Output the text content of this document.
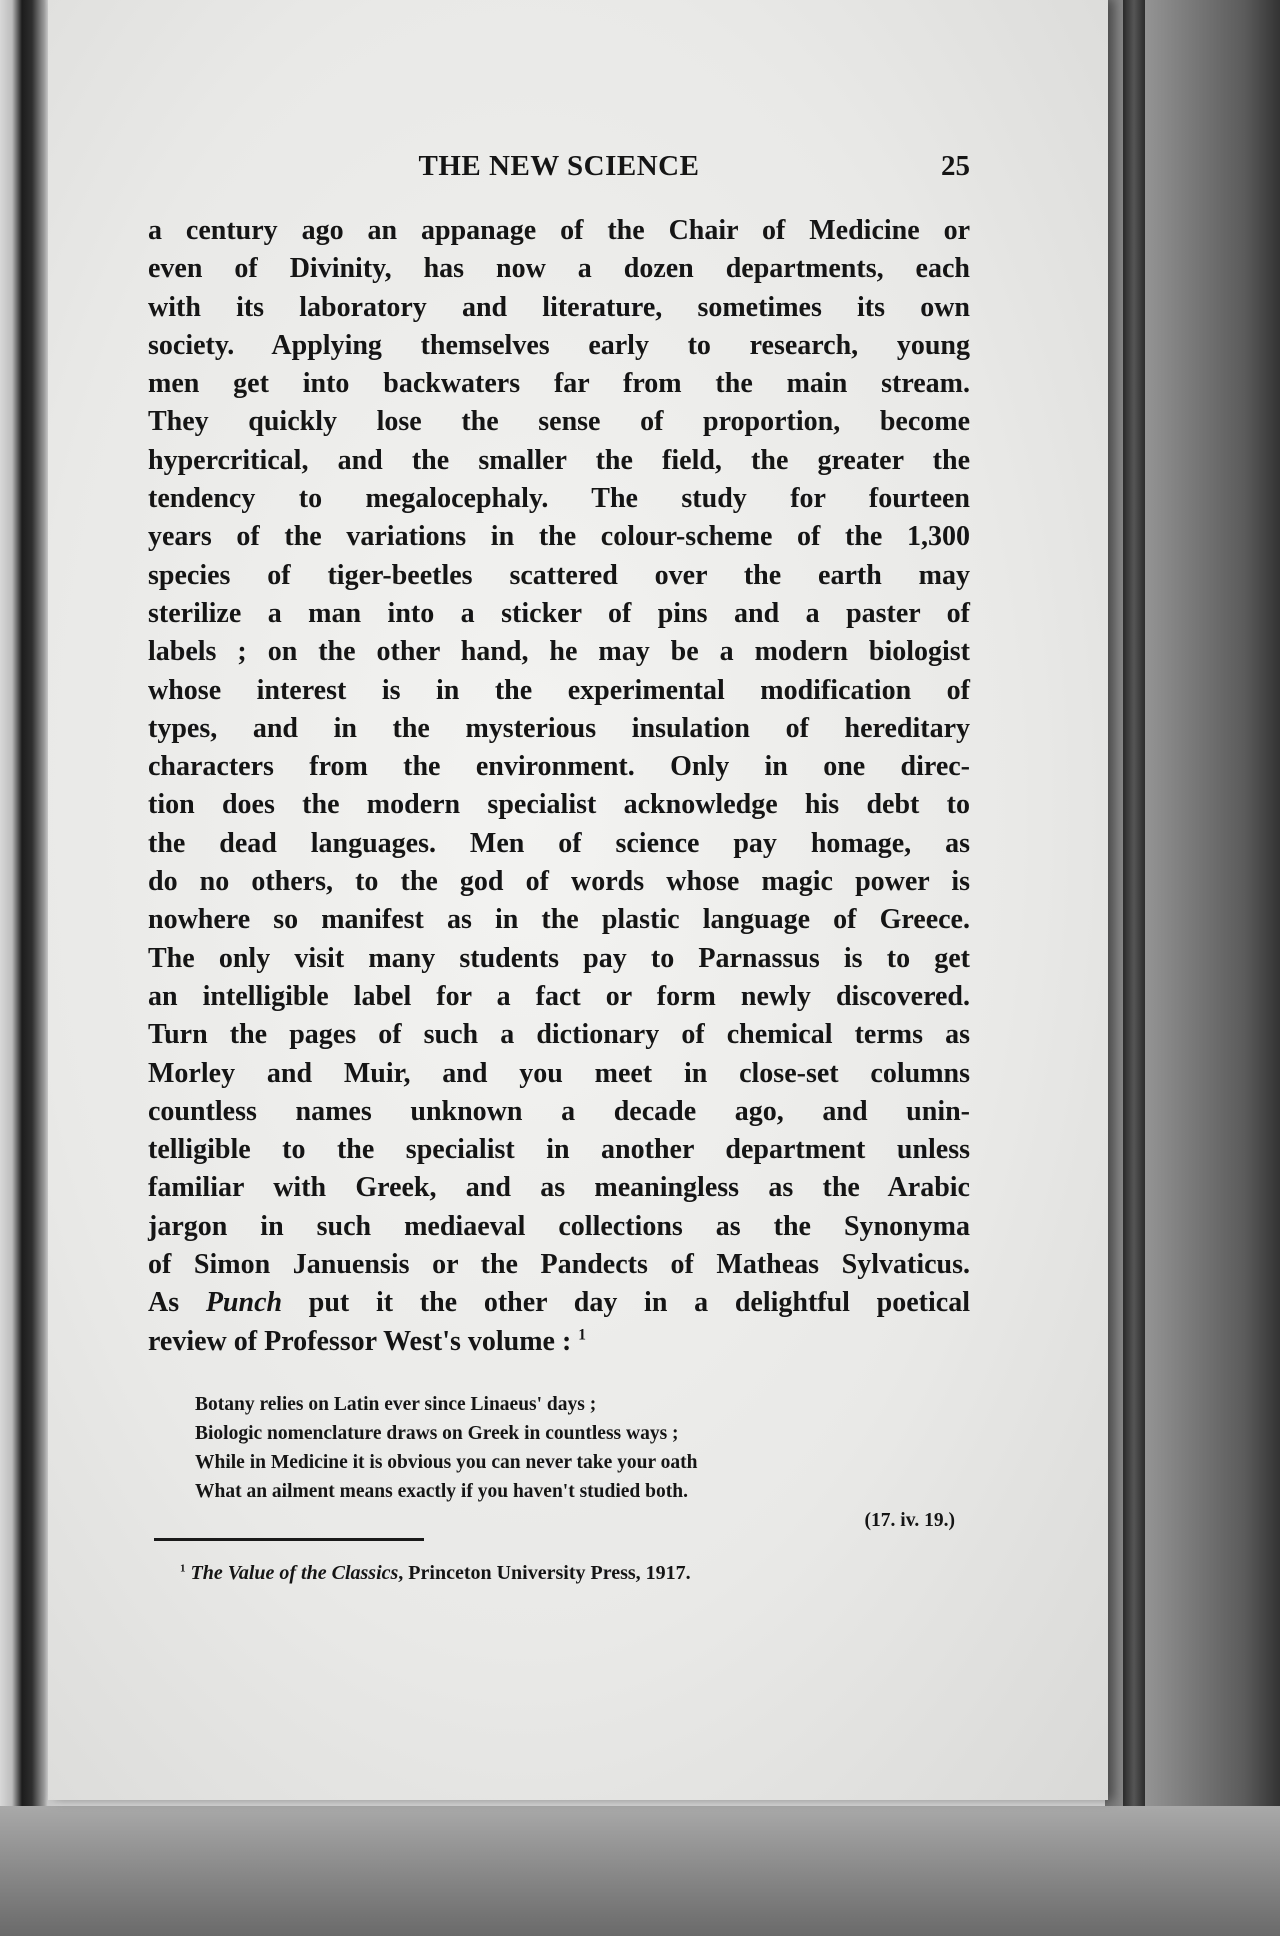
THE NEW SCIENCE	25
a century ago an appanage of the Chair of Medicine or
even of Divinity, has now a dozen departments, each
with its laboratory and literature, sometimes its own
society. Applying themselves early to research, young
men get into backwaters far from the main stream.
They quickly lose the sense of proportion, become
hypercritical, and the smaller the field, the greater the
tendency to megalocephaly. The study for fourteen
years of the variations in the colour-scheme of the 1,300
species of tiger-beetles scattered over the earth may
sterilize a man into a sticker of pins and a paster of
labels ; on the other hand, he may be a modern biologist
whose interest is in the experimental modification of
types, and in the mysterious insulation of hereditary
characters from the environment. Only in one direc-
tion does the modern specialist acknowledge his debt to
the dead languages. Men of science pay homage, as
do no others, to the god of words whose magic power is
nowhere so manifest as in the plastic language of Greece.
The only visit many students pay to Parnassus is to get
an intelligible label for a fact or form newly discovered.
Turn the pages of such a dictionary of chemical terms as
Morley and Muir, and you meet in close-set columns
countless names unknown a decade ago, and unin-
telligible to the specialist in another department unless
familiar with Greek, and as meaningless as the Arabic
jargon in such mediaeval collections as the Synonyma
of Simon Januensis or the Pandects of Matheas Sylvaticus.
As Punch put it the other day in a delightful poetical
review of Professor West's volume : $^1$
Botany relies on Latin ever since Linaeus' days ;
Biologic nomenclature draws on Greek in countless ways ;
While in Medicine it is obvious you can never take your oath
What an ailment means exactly if you haven't studied both.
(17. iv. 19.)
$^1$ The Value of the Classics, Princeton University Press, 1917.
